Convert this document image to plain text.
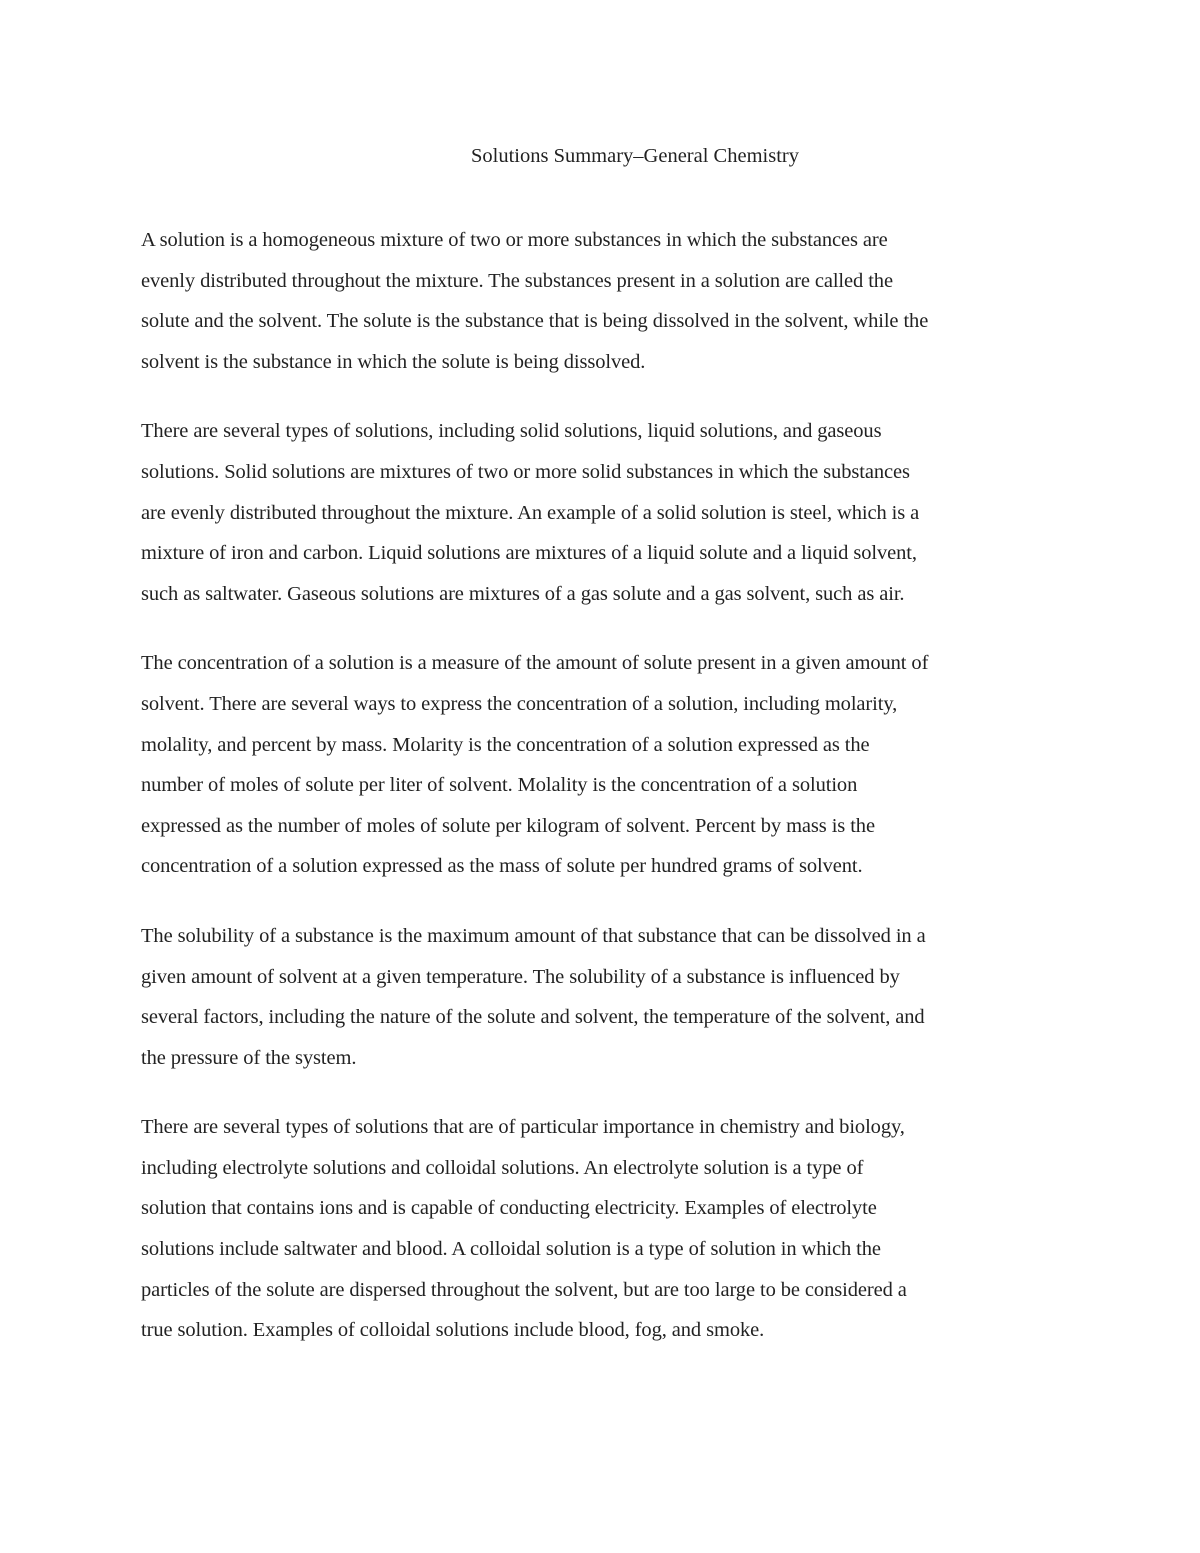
Solutions Summary–General Chemistry

A solution is a homogeneous mixture of two or more substances in which the substances are
evenly distributed throughout the mixture. The substances present in a solution are called the
solute and the solvent. The solute is the substance that is being dissolved in the solvent, while the
solvent is the substance in which the solute is being dissolved.

There are several types of solutions, including solid solutions, liquid solutions, and gaseous
solutions. Solid solutions are mixtures of two or more solid substances in which the substances
are evenly distributed throughout the mixture. An example of a solid solution is steel, which is a
mixture of iron and carbon. Liquid solutions are mixtures of a liquid solute and a liquid solvent,
such as saltwater. Gaseous solutions are mixtures of a gas solute and a gas solvent, such as air.

The concentration of a solution is a measure of the amount of solute present in a given amount of
solvent. There are several ways to express the concentration of a solution, including molarity,
molality, and percent by mass. Molarity is the concentration of a solution expressed as the
number of moles of solute per liter of solvent. Molality is the concentration of a solution
expressed as the number of moles of solute per kilogram of solvent. Percent by mass is the
concentration of a solution expressed as the mass of solute per hundred grams of solvent.

The solubility of a substance is the maximum amount of that substance that can be dissolved in a
given amount of solvent at a given temperature. The solubility of a substance is influenced by
several factors, including the nature of the solute and solvent, the temperature of the solvent, and
the pressure of the system.

There are several types of solutions that are of particular importance in chemistry and biology,
including electrolyte solutions and colloidal solutions. An electrolyte solution is a type of
solution that contains ions and is capable of conducting electricity. Examples of electrolyte
solutions include saltwater and blood. A colloidal solution is a type of solution in which the
particles of the solute are dispersed throughout the solvent, but are too large to be considered a
true solution. Examples of colloidal solutions include blood, fog, and smoke.
